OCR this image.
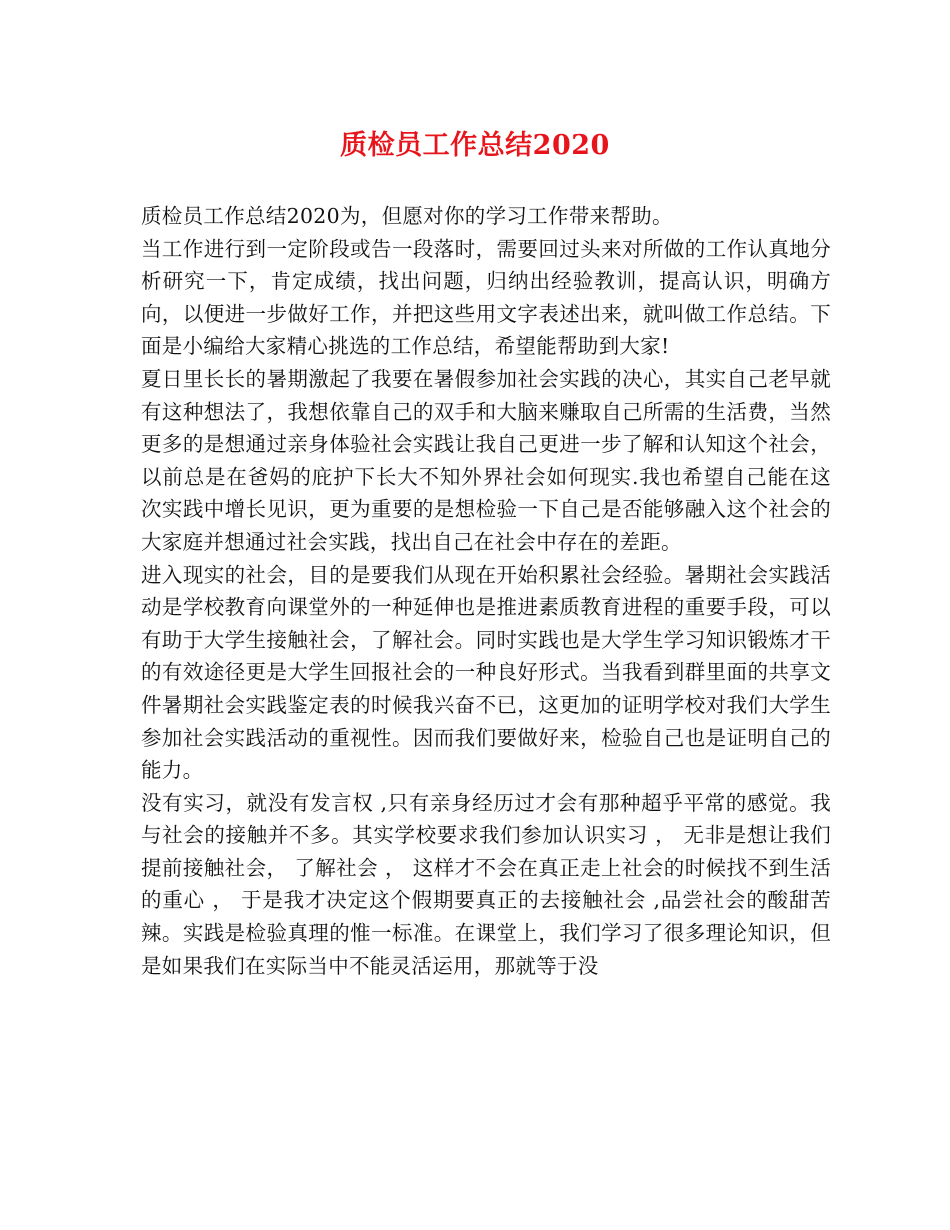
质检员工作总结2020

质检员工作总结2020为，但愿对你的学习工作带来帮助。

当工作进行到一定阶段或告一段落时，需要回过头来对所做的工作认真地分析研究一下，肯定成绩，找出问题，归纳出经验教训，提高认识，明确方向，以便进一步做好工作，并把这些用文字表述出来，就叫做工作总结。下面是小编给大家精心挑选的工作总结，希望能帮助到大家!

夏日里长长的暑期激起了我要在暑假参加社会实践的决心，其实自己老早就有这种想法了，我想依靠自己的双手和大脑来赚取自己所需的生活费，当然更多的是想通过亲身体验社会实践让我自己更进一步了解和认知这个社会，以前总是在爸妈的庇护下长大不知外界社会如何现实.我也希望自己能在这次实践中增长见识，更为重要的是想检验一下自己是否能够融入这个社会的大家庭并想通过社会实践，找出自己在社会中存在的差距。

进入现实的社会，目的是要我们从现在开始积累社会经验。暑期社会实践活动是学校教育向课堂外的一种延伸也是推进素质教育进程的重要手段，可以有助于大学生接触社会，了解社会。同时实践也是大学生学习知识锻炼才干的有效途径更是大学生回报社会的一种良好形式。当我看到群里面的共享文件暑期社会实践鉴定表的时候我兴奋不已，这更加的证明学校对我们大学生参加社会实践活动的重视性。因而我们要做好来，检验自己也是证明自己的能力。

没有实习，就没有发言权 ,只有亲身经历过才会有那种超乎平常的感觉。我与社会的接触并不多。其实学校要求我们参加认识实习 ， 无非是想让我们提前接触社会， 了解社会 ， 这样才不会在真正走上社会的时候找不到生活的重心 ， 于是我才决定这个假期要真正的去接触社会 ,品尝社会的酸甜苦辣。实践是检验真理的惟一标准。在课堂上，我们学习了很多理论知识，但是如果我们在实际当中不能灵活运用，那就等于没
